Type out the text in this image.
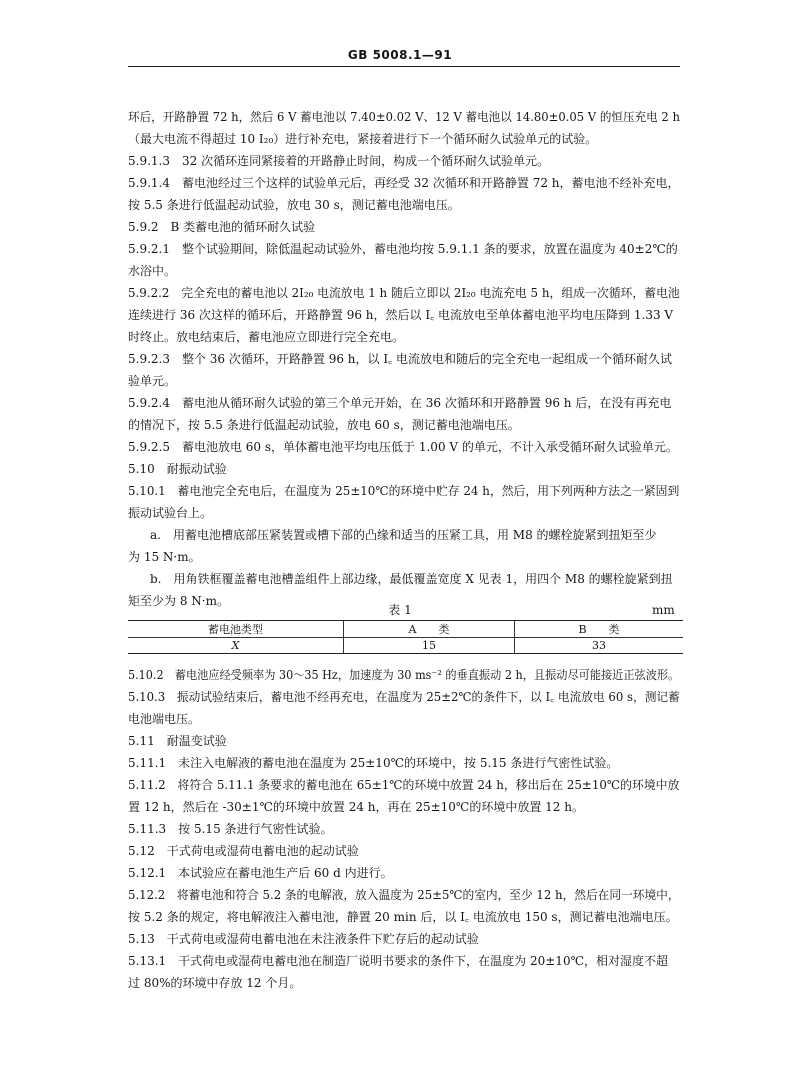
GB 5008.1—91
环后，开路静置 72 h，然后 6 V 蓄电池以 7.40±0.02 V、12 V 蓄电池以 14.80±0.05 V 的恒压充电 2 h
（最大电流不得超过 10 I₂₀）进行补充电，紧接着进行下一个循环耐久试验单元的试验。
5.9.1.3　32 次循环连同紧接着的开路静止时间，构成一个循环耐久试验单元。
5.9.1.4　蓄电池经过三个这样的试验单元后，再经受 32 次循环和开路静置 72 h，蓄电池不经补充电，
按 5.5 条进行低温起动试验，放电 30 s，测记蓄电池端电压。
5.9.2　B 类蓄电池的循环耐久试验
5.9.2.1　整个试验期间，除低温起动试验外，蓄电池均按 5.9.1.1 条的要求，放置在温度为 40±2℃的
水浴中。
5.9.2.2　完全充电的蓄电池以 2I₂₀ 电流放电 1 h 随后立即以 2I₂₀ 电流充电 5 h，组成一次循环，蓄电池
连续进行 36 次这样的循环后，开路静置 96 h，然后以 I꜀ 电流放电至单体蓄电池平均电压降到 1.33 V
时终止。放电结束后，蓄电池应立即进行完全充电。
5.9.2.3　整个 36 次循环，开路静置 96 h，以 I꜀ 电流放电和随后的完全充电一起组成一个循环耐久试
验单元。
5.9.2.4　蓄电池从循环耐久试验的第三个单元开始，在 36 次循环和开路静置 96 h 后，在没有再充电
的情况下，按 5.5 条进行低温起动试验，放电 60 s，测记蓄电池端电压。
5.9.2.5　蓄电池放电 60 s，单体蓄电池平均电压低于 1.00 V 的单元，不计入承受循环耐久试验单元。
5.10　耐振动试验
5.10.1　蓄电池完全充电后，在温度为 25±10℃的环境中贮存 24 h，然后，用下列两种方法之一紧固到
振动试验台上。
a.　用蓄电池槽底部压紧装置或槽下部的凸缘和适当的压紧工具，用 M8 的螺栓旋紧到扭矩至少
为 15 N·m。
b.　用角铁框覆盖蓄电池槽盖组件上部边缘，最低覆盖宽度 X 见表 1，用四个 M8 的螺栓旋紧到扭
矩至少为 8 N·m。
表 1	mm
蓄电池类型	A　　类	B　　类
X	15	33
5.10.2　蓄电池应经受频率为 30～35 Hz，加速度为 30 ms⁻² 的垂直振动 2 h，且振动尽可能接近正弦波形。
5.10.3　振动试验结束后，蓄电池不经再充电，在温度为 25±2℃的条件下，以 I꜀ 电流放电 60 s，测记蓄
电池端电压。
5.11　耐温变试验
5.11.1　未注入电解液的蓄电池在温度为 25±10℃的环境中，按 5.15 条进行气密性试验。
5.11.2　将符合 5.11.1 条要求的蓄电池在 65±1℃的环境中放置 24 h，移出后在 25±10℃的环境中放
置 12 h，然后在 -30±1℃的环境中放置 24 h，再在 25±10℃的环境中放置 12 h。
5.11.3　按 5.15 条进行气密性试验。
5.12　干式荷电或湿荷电蓄电池的起动试验
5.12.1　本试验应在蓄电池生产后 60 d 内进行。
5.12.2　将蓄电池和符合 5.2 条的电解液，放入温度为 25±5℃的室内，至少 12 h，然后在同一环境中，
按 5.2 条的规定，将电解液注入蓄电池，静置 20 min 后，以 I꜀ 电流放电 150 s，测记蓄电池端电压。
5.13　干式荷电或湿荷电蓄电池在未注液条件下贮存后的起动试验
5.13.1　干式荷电或湿荷电蓄电池在制造厂说明书要求的条件下，在温度为 20±10℃，相对湿度不超
过 80%的环境中存放 12 个月。
